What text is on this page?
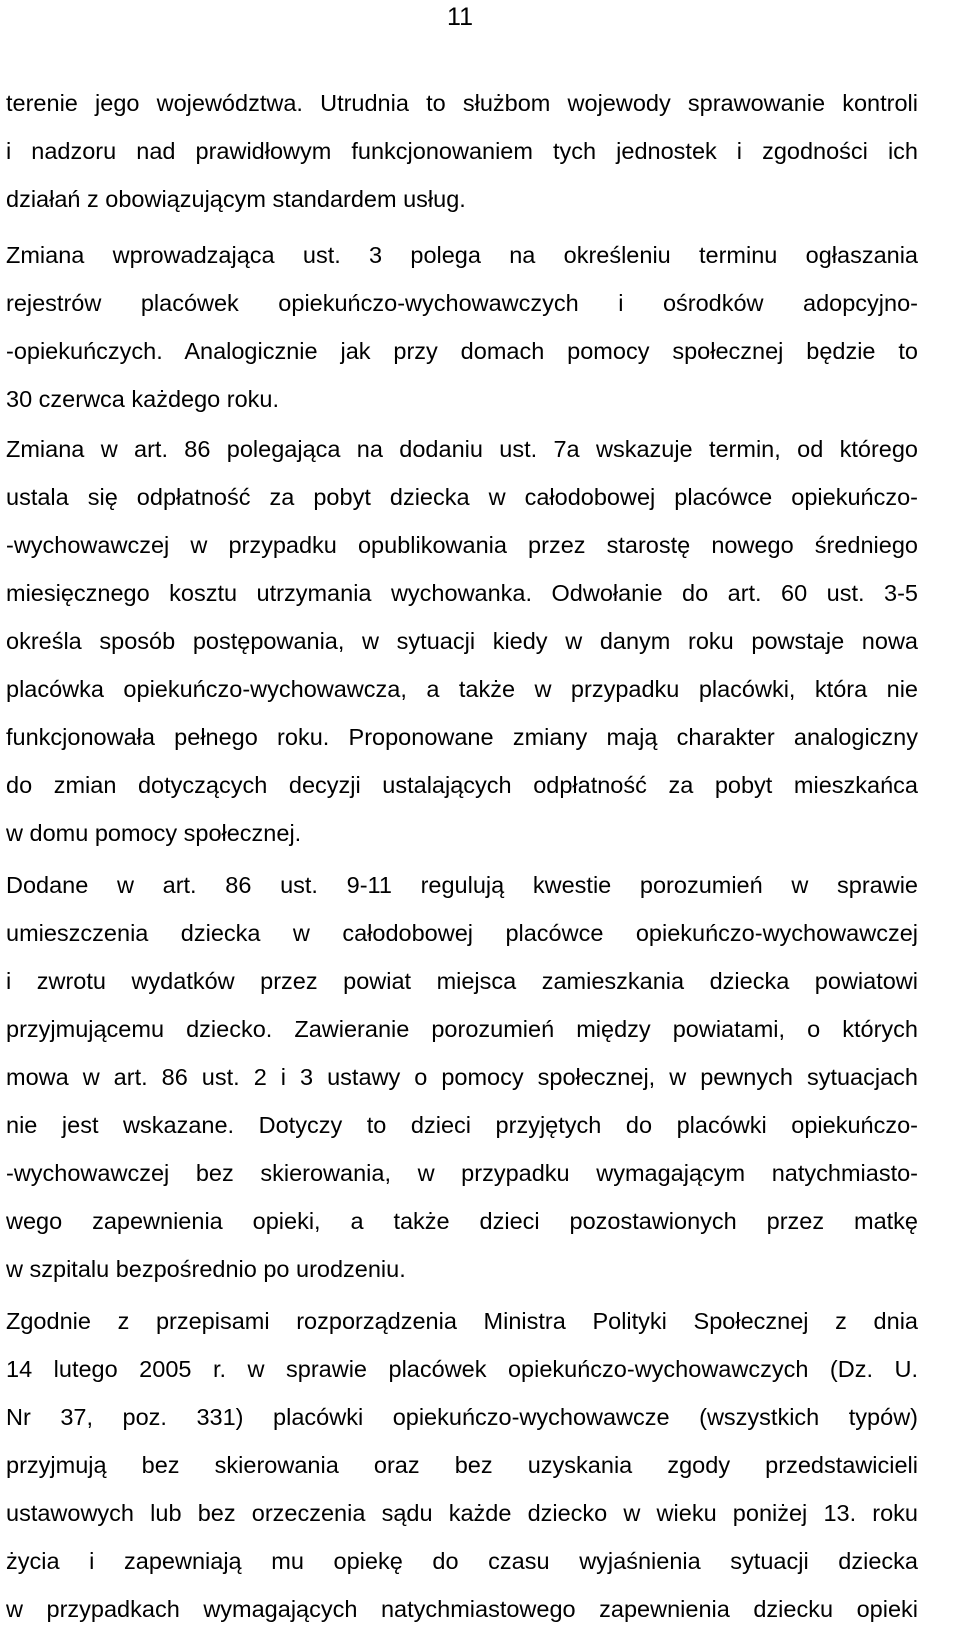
11
terenie jego województwa. Utrudnia to służbom wojewody sprawowanie kontroli
i nadzoru nad prawidłowym funkcjonowaniem tych jednostek i zgodności ich
działań z obowiązującym standardem usług.
Zmiana wprowadzająca ust. 3 polega na określeniu terminu ogłaszania
rejestrów placówek opiekuńczo-wychowawczych i ośrodków adopcyjno-
-opiekuńczych. Analogicznie jak przy domach pomocy społecznej będzie to
30 czerwca każdego roku.
Zmiana w art. 86 polegająca na dodaniu ust. 7a wskazuje termin, od którego
ustala się odpłatność za pobyt dziecka w całodobowej placówce opiekuńczo-
-wychowawczej w przypadku opublikowania przez starostę nowego średniego
miesięcznego kosztu utrzymania wychowanka. Odwołanie do art. 60 ust. 3-5
określa sposób postępowania, w sytuacji kiedy w danym roku powstaje nowa
placówka opiekuńczo-wychowawcza, a także w przypadku placówki, która nie
funkcjonowała pełnego roku. Proponowane zmiany mają charakter analogiczny
do zmian dotyczących decyzji ustalających odpłatność za pobyt mieszkańca
w domu pomocy społecznej.
Dodane w art. 86 ust. 9-11 regulują kwestie porozumień w sprawie
umieszczenia dziecka w całodobowej placówce opiekuńczo-wychowawczej
i zwrotu wydatków przez powiat miejsca zamieszkania dziecka powiatowi
przyjmującemu dziecko. Zawieranie porozumień między powiatami, o których
mowa w art. 86 ust. 2 i 3 ustawy o pomocy społecznej, w pewnych sytuacjach
nie jest wskazane. Dotyczy to dzieci przyjętych do placówki opiekuńczo-
-wychowawczej bez skierowania, w przypadku wymagającym natychmiasto-
wego zapewnienia opieki, a także dzieci pozostawionych przez matkę
w szpitalu bezpośrednio po urodzeniu.
Zgodnie z przepisami rozporządzenia Ministra Polityki Społecznej z dnia
14 lutego 2005 r. w sprawie placówek opiekuńczo-wychowawczych (Dz. U.
Nr 37, poz. 331) placówki opiekuńczo-wychowawcze (wszystkich typów)
przyjmują bez skierowania oraz bez uzyskania zgody przedstawicieli
ustawowych lub bez orzeczenia sądu każde dziecko w wieku poniżej 13. roku
życia i zapewniają mu opiekę do czasu wyjaśnienia sytuacji dziecka
w przypadkach wymagających natychmiastowego zapewnienia dziecku opieki
